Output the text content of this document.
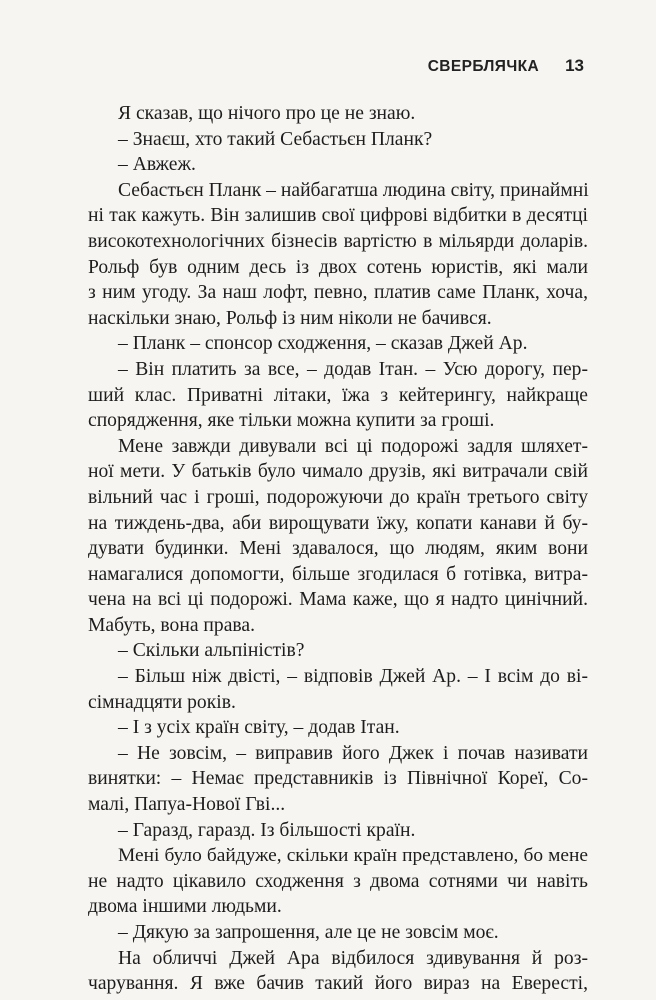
СВЕРБЛЯЧКА 13
Я сказав, що нічого про це не знаю.
– Знаєш, хто такий Себастьєн Планк?
– Авжеж.
Себастьєн Планк – найбагатша людина світу, принаймні
ні так кажуть. Він залишив свої цифрові відбитки в десятці
високотехнологічних бізнесів вартістю в мільярди доларів.
Рольф був одним десь із двох сотень юристів, які мали
з ним угоду. За наш лофт, певно, платив саме Планк, хоча,
наскільки знаю, Рольф із ним ніколи не бачився.
– Планк – спонсор сходження, – сказав Джей Ар.
– Він платить за все, – додав Ітан. – Усю дорогу, пер-
ший клас. Приватні літаки, їжа з кейтерингу, найкраще
спорядження, яке тільки можна купити за гроші.
Мене завжди дивували всі ці подорожі задля шляхет-
ної мети. У батьків було чимало друзів, які витрачали свій
вільний час і гроші, подорожуючи до країн третього світу
на тиждень-два, аби вирощувати їжу, копати канави й бу-
дувати будинки. Мені здавалося, що людям, яким вони
намагалися допомогти, більше згодилася б готівка, витра-
чена на всі ці подорожі. Мама каже, що я надто цинічний.
Мабуть, вона права.
– Скільки альпіністів?
– Більш ніж двісті, – відповів Джей Ар. – І всім до ві-
сімнадцяти років.
– І з усіх країн світу, – додав Ітан.
– Не зовсім, – виправив його Джек і почав називати
винятки: – Немає представників із Північної Кореї, Со-
малі, Папуа-Нової Гві...
– Гаразд, гаразд. Із більшості країн.
Мені було байдуже, скільки країн представлено, бо мене
не надто цікавило сходження з двома сотнями чи навіть
двома іншими людьми.
– Дякую за запрошення, але це не зовсім моє.
На обличчі Джей Ара відбилося здивування й роз-
чарування. Я вже бачив такий його вираз на Евересті,
